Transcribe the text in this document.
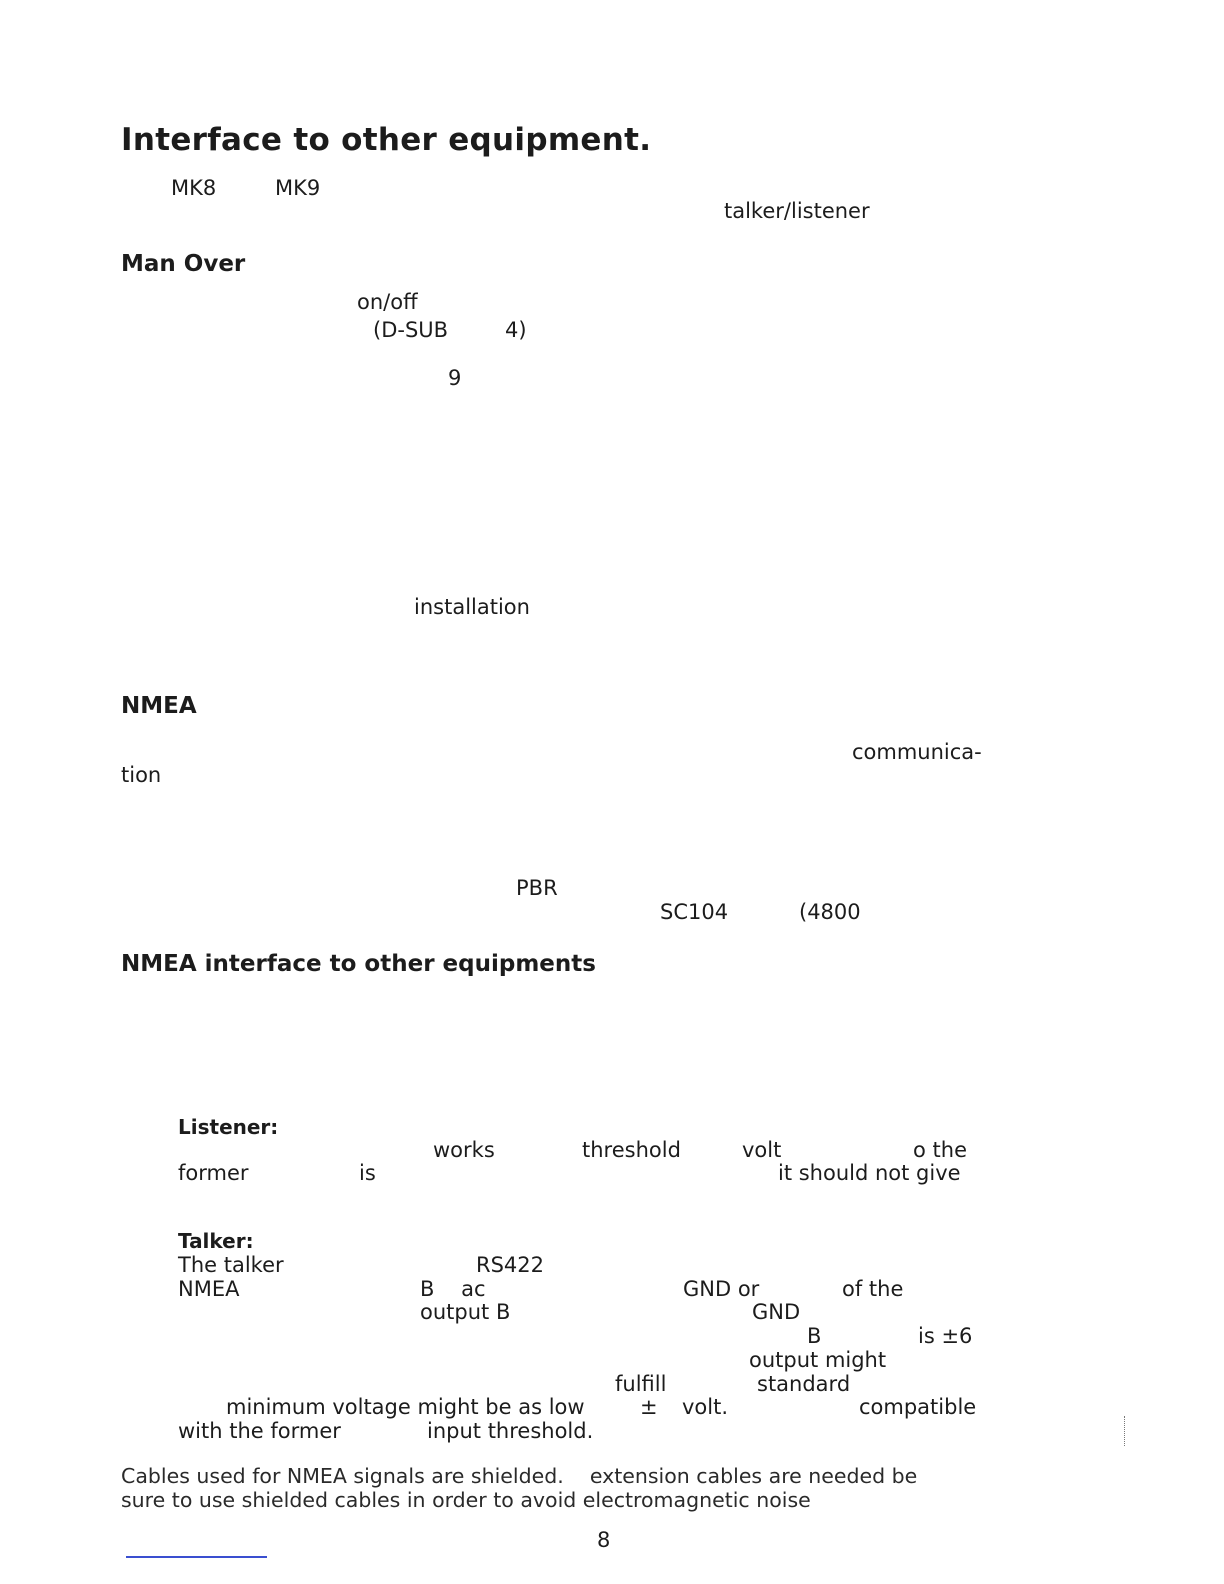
Interface to other equipment.
MK8	MK9
talker/listener
Man Over
on/off
(D-SUB	4)
9
installation
NMEA
communica-
tion
PBR
SC104	(4800
NMEA interface to other equipments
Listener:
works	threshold	volt	o the
former	is	it should not give
Talker:
The talker	RS422
NMEA	B    ac	GND or	of the
output B	GND
B	is ±6
output might
fulfill	standard
minimum voltage might be as low	± volt.	compatible
with the former	input threshold.
Cables used for NMEA signals are shielded.    extension cables are needed be
sure to use shielded cables in order to avoid electromagnetic noise
8
